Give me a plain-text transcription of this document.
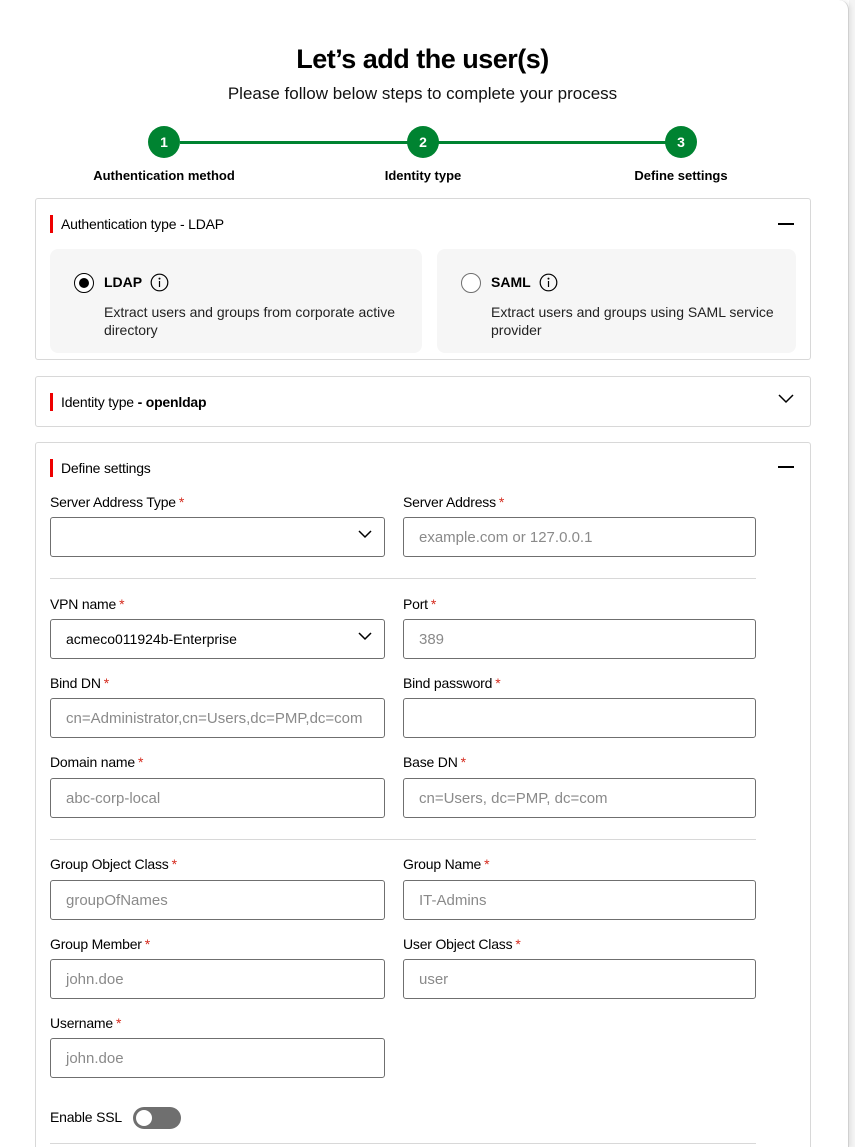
Let’s add the user(s)
Please follow below steps to complete your process
1	2	3
Authentication method	Identity type	Define settings
Authentication type - LDAP
LDAP
Extract users and groups from corporate active directory
SAML
Extract users and groups using SAML service provider
Identity type - openldap
Define settings
Server Address Type *	Server Address *
example.com or 127.0.0.1
VPN name *
acmeco011924b-Enterprise
Port *
389
Bind DN *
cn=Administrator,cn=Users,dc=PMP,dc=com
Bind password *
Domain name *
abc-corp-local
Base DN *
cn=Users, dc=PMP, dc=com
Group Object Class *
groupOfNames
Group Name *
IT-Admins
Group Member *
john.doe
User Object Class *
user
Username *
john.doe
Enable SSL
